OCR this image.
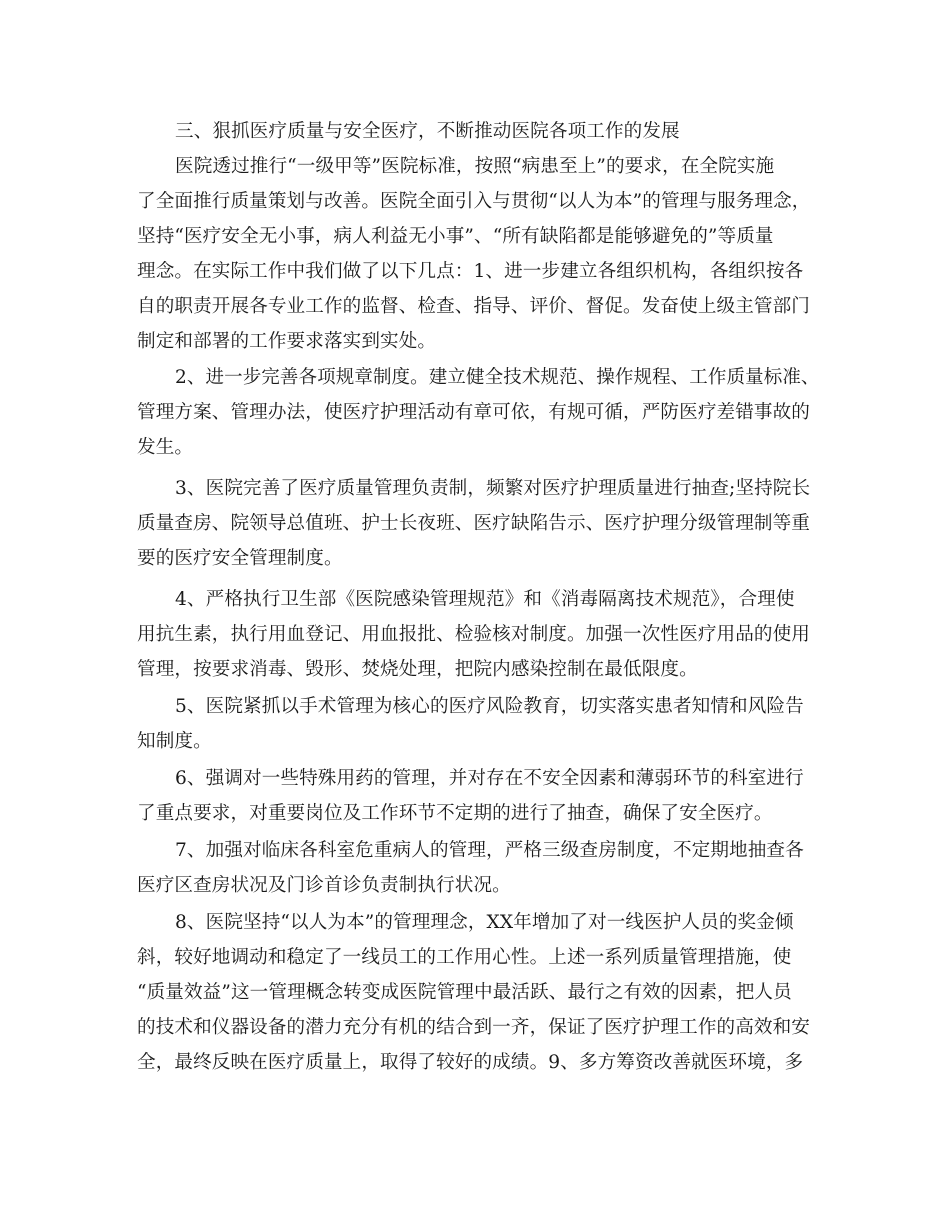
三、狠抓医疗质量与安全医疗，不断推动医院各项工作的发展
医院透过推行“一级甲等”医院标准，按照“病患至上”的要求，在全院实施
了全面推行质量策划与改善。医院全面引入与贯彻“以人为本”的管理与服务理念，
坚持“医疗安全无小事，病人利益无小事”、“所有缺陷都是能够避免的”等质量
理念。在实际工作中我们做了以下几点：1、进一步建立各组织机构，各组织按各
自的职责开展各专业工作的监督、检查、指导、评价、督促。发奋使上级主管部门
制定和部署的工作要求落实到实处。
2、进一步完善各项规章制度。建立健全技术规范、操作规程、工作质量标准、
管理方案、管理办法，使医疗护理活动有章可依，有规可循，严防医疗差错事故的
发生。
3、医院完善了医疗质量管理负责制，频繁对医疗护理质量进行抽查;坚持院长
质量查房、院领导总值班、护士长夜班、医疗缺陷告示、医疗护理分级管理制等重
要的医疗安全管理制度。
4、严格执行卫生部《医院感染管理规范》和《消毒隔离技术规范》，合理使
用抗生素，执行用血登记、用血报批、检验核对制度。加强一次性医疗用品的使用
管理，按要求消毒、毁形、焚烧处理，把院内感染控制在最低限度。
5、医院紧抓以手术管理为核心的医疗风险教育，切实落实患者知情和风险告
知制度。
6、强调对一些特殊用药的管理，并对存在不安全因素和薄弱环节的科室进行
了重点要求，对重要岗位及工作环节不定期的进行了抽查，确保了安全医疗。
7、加强对临床各科室危重病人的管理，严格三级查房制度，不定期地抽查各
医疗区查房状况及门诊首诊负责制执行状况。
8、医院坚持“以人为本”的管理理念，XX年增加了对一线医护人员的奖金倾
斜，较好地调动和稳定了一线员工的工作用心性。上述一系列质量管理措施，使
“质量效益”这一管理概念转变成医院管理中最活跃、最行之有效的因素，把人员
的技术和仪器设备的潜力充分有机的结合到一齐，保证了医疗护理工作的高效和安
全，最终反映在医疗质量上，取得了较好的成绩。9、多方筹资改善就医环境，多
